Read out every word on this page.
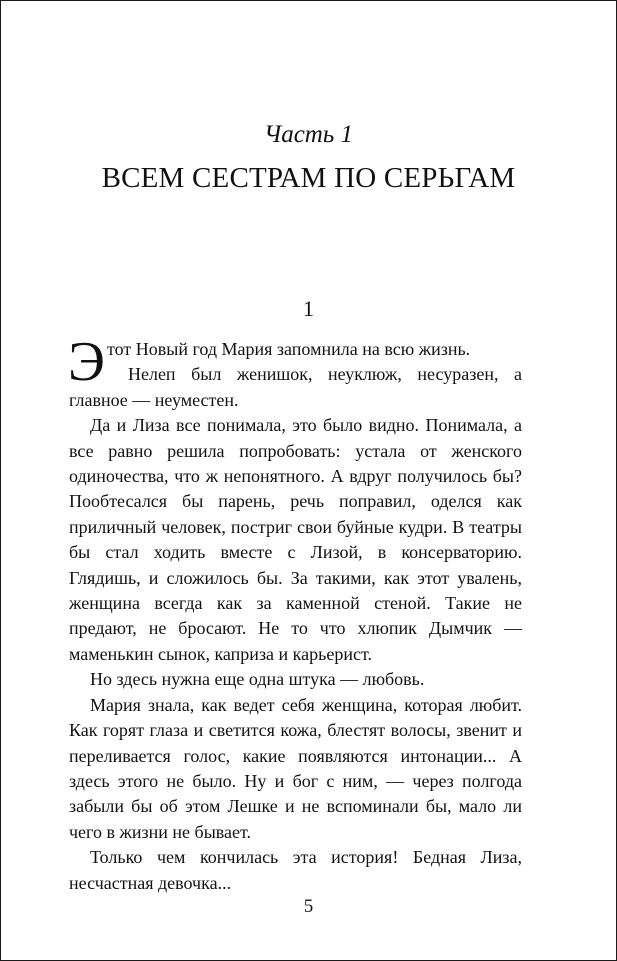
Часть 1
ВСЕМ СЕСТРАМ ПО СЕРЬГАМ
1

Этот Новый год Мария запомнила на всю жизнь.

Нелеп был женишок, неуклюж, несуразен, а главное — неуместен.

Да и Лиза все понимала, это было видно. Понимала, а все равно решила попробовать: устала от женского одиночества, что ж непонятного. А вдруг получилось бы? Пообтесался бы парень, речь поправил, оделся как приличный человек, постриг свои буйные кудри. В театры бы стал ходить вместе с Лизой, в консерваторию. Глядишь, и сложилось бы. За такими, как этот увалень, женщина всегда как за каменной стеной. Такие не предают, не бросают. Не то что хлюпик Дымчик — маменькин сынок, каприза и карьерист.

Но здесь нужна еще одна штука — любовь.

Мария знала, как ведет себя женщина, которая любит. Как горят глаза и светится кожа, блестят волосы, звенит и переливается голос, какие появляются интонации... А здесь этого не было. Ну и бог с ним, — через полгода забыли бы об этом Лешке и не вспоминали бы, мало ли чего в жизни не бывает.

Только чем кончилась эта история! Бедная Лиза, несчастная девочка...

5
